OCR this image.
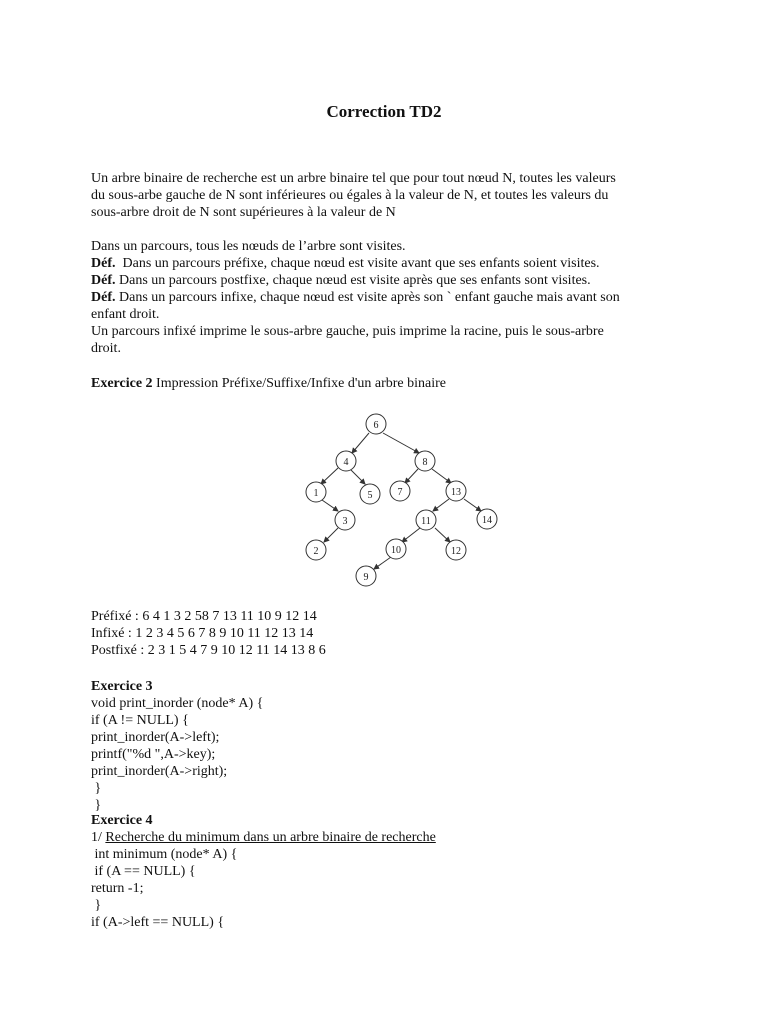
Correction TD2
Un arbre binaire de recherche est un arbre binaire tel que pour tout nœud N, toutes les valeurs
du sous-arbe gauche de N sont inférieures ou égales à la valeur de N, et toutes les valeurs du
sous-arbre droit de N sont supérieures à la valeur de N
Dans un parcours, tous les nœuds de l’arbre sont visites.
Déf.  Dans un parcours préfixe, chaque nœud est visite avant que ses enfants soient visites.
Déf. Dans un parcours postfixe, chaque nœud est visite après que ses enfants sont visites.
Déf. Dans un parcours infixe, chaque nœud est visite après son ` enfant gauche mais avant son
enfant droit.
Un parcours infixé imprime le sous-arbre gauche, puis imprime la racine, puis le sous-arbre
droit.
Exercice 2 Impression Préfixe/Suffixe/Infixe d'un arbre binaire
6
4	8
1	5	7	13
3	11	14
2	10	12
9
Préfixé : 6 4 1 3 2 58 7 13 11 10 9 12 14
Infixé : 1 2 3 4 5 6 7 8 9 10 11 12 13 14
Postfixé : 2 3 1 5 4 7 9 10 12 11 14 13 8 6
Exercice 3
void print_inorder (node* A) {
if (A != NULL) {
print_inorder(A->left);
printf("%d ",A->key);
print_inorder(A->right);
}
}
Exercice 4
1/ Recherche du minimum dans un arbre binaire de recherche
int minimum (node* A) {
if (A == NULL) {
return -1;
}
if (A->left == NULL) {
